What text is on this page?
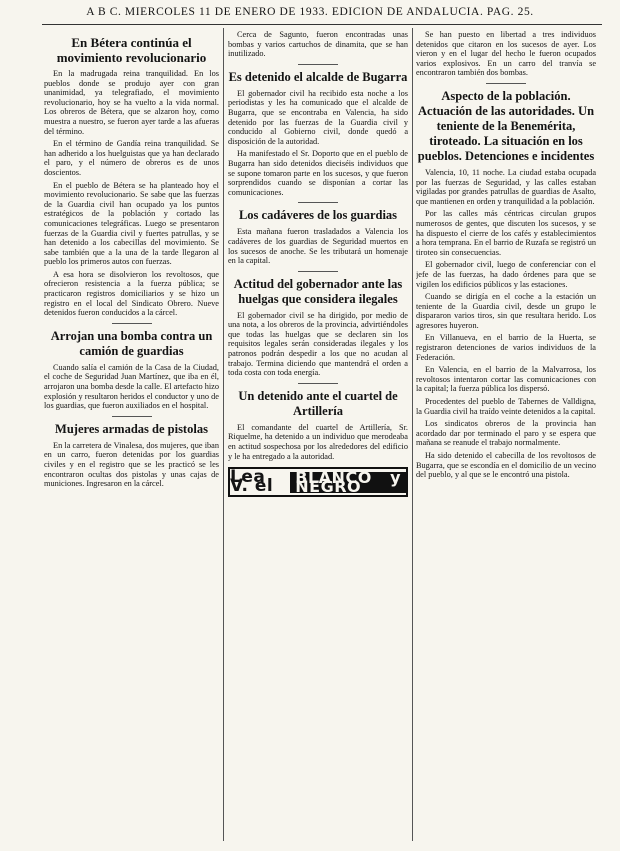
A B C. MIERCOLES 11 DE ENERO DE 1933. EDICION DE ANDALUCIA. PAG. 25.
En Bétera continúa el movimiento revolucionario

En la madrugada reina tranquilidad. En los pueblos donde se produjo ayer con gran unanimidad, ya telegrafiado, el movimiento revolucionario, hoy se ha vuelto a la vida normal. Los obreros de Bétera, que se alzaron hoy, como muestra a nuestro, se fueron ayer tarde a las afueras del término.

En el término de Gandía reina tranquilidad. Se han adherido a los huelguistas que ya han declarado el paro, y el número de obreros es de unos doscientos.

En el pueblo de Bétera se ha planteado hoy el movimiento revolucionario. Se sabe que las fuerzas de la Guardia civil han ocupado ya los puntos estratégicos de la población y cortado las comunicaciones telegráficas. Luego se presentaron fuerzas de la Guardia civil y fuertes patrullas, y se han detenido a los cabecillas del movimiento. Se sabe también que a la una de la tarde llegaron al pueblo los primeros autos con fuerzas.

A esa hora se disolvieron los revoltosos, que ofrecieron resistencia a la fuerza pública; se practicaron registros domiciliarios y se hizo un registro en el local del Sindicato Obrero. Nueve detenidos fueron conducidos a la cárcel.

Arrojan una bomba contra un camión de guardias

Cuando salía el camión de la Casa de la Ciudad, el coche de Seguridad Juan Martínez, que iba en él, arrojaron una bomba desde la calle. El artefacto hizo explosión y resultaron heridos el conductor y uno de los guardias, que fueron auxiliados en el hospital.

Mujeres armadas de pistolas

En la carretera de Vinalesa, dos mujeres, que iban en un carro, fueron detenidas por los guardias civiles y en el registro que se les practicó se les encontraron ocultas dos pistolas y unas cajas de municiones. Ingresaron en la cárcel.

Cerca de Sagunto, fueron encontradas unas bombas y varios cartuchos de dinamita, que se han inutilizado.

Es detenido el alcalde de Bugarra

El gobernador civil ha recibido esta noche a los periodistas y les ha comunicado que el alcalde de Bugarra, que se encontraba en Valencia, ha sido detenido por las fuerzas de la Guardia civil y conducido al Gobierno civil, donde quedó a disposición de la autoridad.

Ha manifestado el Sr. Doporto que en el pueblo de Bugarra han sido detenidos dieciséis individuos que se supone tomaron parte en los sucesos, y que fueron sorprendidos cuando se disponían a cortar las comunicaciones.

Los cadáveres de los guardias

Esta mañana fueron trasladados a Valencia los cadáveres de los guardias de Seguridad muertos en los sucesos de anoche. Se les tributará un homenaje en la capital.

Actitud del gobernador ante las huelgas que considera ilegales

El gobernador civil se ha dirigido, por medio de una nota, a los obreros de la provincia, advirtiéndoles que todas las huelgas que se declaren sin los requisitos legales serán consideradas ilegales y los patronos podrán despedir a los que no acudan al trabajo. Termina diciendo que mantendrá el orden a toda costa con toda energía.

Un detenido ante el cuartel de Artillería

El comandante del cuartel de Artillería, Sr. Riquelme, ha detenido a un individuo que merodeaba en actitud sospechosa por los alrededores del edificio y le ha entregado a la autoridad.

Lea V. el	BLANCO y NEGRO

Se han puesto en libertad a tres individuos detenidos que citaron en los sucesos de ayer. Los vieron y en el lugar del hecho le fueron ocupados varios explosivos. En un carro del tranvía se encontraron también dos bombas.

Aspecto de la población. Actuación de las autoridades. Un teniente de la Benemérita, tiroteado. La situación en los pueblos. Detenciones e incidentes

Valencia, 10, 11 noche. La ciudad estaba ocupada por las fuerzas de Seguridad, y las calles estaban vigiladas por grandes patrullas de guardias de Asalto, que mantienen en orden y tranquilidad a la población.

Por las calles más céntricas circulan grupos numerosos de gentes, que discuten los sucesos, y se ha dispuesto el cierre de los cafés y establecimientos a hora temprana. En el barrio de Ruzafa se registró un tiroteo sin consecuencias.

El gobernador civil, luego de conferenciar con el jefe de las fuerzas, ha dado órdenes para que se vigilen los edificios públicos y las estaciones.

Cuando se dirigía en el coche a la estación un teniente de la Guardia civil, desde un grupo le dispararon varios tiros, sin que resultara herido. Los agresores huyeron.

En Villanueva, en el barrio de la Huerta, se registraron detenciones de varios individuos de la Federación.

En Valencia, en el barrio de la Malvarrosa, los revoltosos intentaron cortar las comunicaciones con la capital; la fuerza pública los dispersó.

Procedentes del pueblo de Tabernes de Valldigna, la Guardia civil ha traído veinte detenidos a la capital.

Los sindicatos obreros de la provincia han acordado dar por terminado el paro y se espera que mañana se reanude el trabajo normalmente.

Ha sido detenido el cabecilla de los revoltosos de Bugarra, que se escondía en el domicilio de un vecino del pueblo, y al que se le encontró una pistola.
